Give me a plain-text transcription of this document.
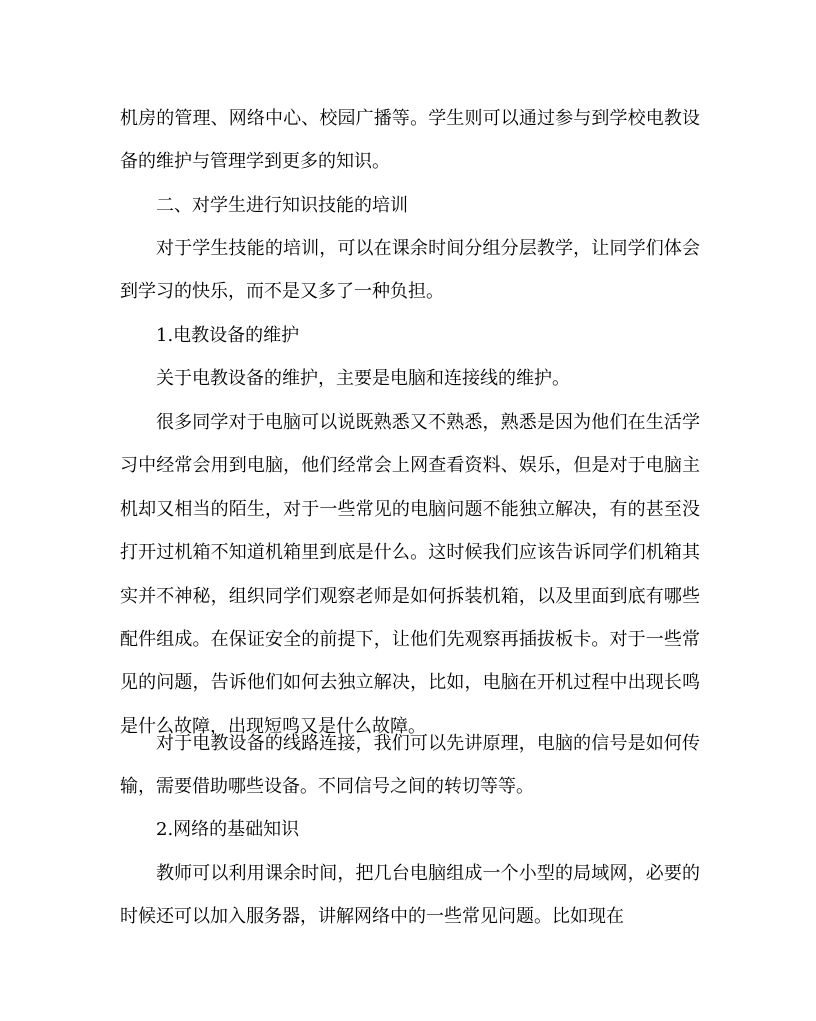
机房的管理、网络中心、校园广播等。学生则可以通过参与到学校电教设备的维护与管理学到更多的知识。

二、对学生进行知识技能的培训

对于学生技能的培训，可以在课余时间分组分层教学，让同学们体会到学习的快乐，而不是又多了一种负担。

1.电教设备的维护

关于电教设备的维护，主要是电脑和连接线的维护。

很多同学对于电脑可以说既熟悉又不熟悉，熟悉是因为他们在生活学习中经常会用到电脑，他们经常会上网查看资料、娱乐，但是对于电脑主机却又相当的陌生，对于一些常见的电脑问题不能独立解决，有的甚至没打开过机箱不知道机箱里到底是什么。这时候我们应该告诉同学们机箱其实并不神秘，组织同学们观察老师是如何拆装机箱，以及里面到底有哪些配件组成。在保证安全的前提下，让他们先观察再插拔板卡。对于一些常见的问题，告诉他们如何去独立解决，比如，电脑在开机过程中出现长鸣是什么故障，出现短鸣又是什么故障。

对于电教设备的线路连接，我们可以先讲原理，电脑的信号是如何传输，需要借助哪些设备。不同信号之间的转切等等。

2.网络的基础知识

教师可以利用课余时间，把几台电脑组成一个小型的局域网，必要的时候还可以加入服务器，讲解网络中的一些常见问题。比如现在
